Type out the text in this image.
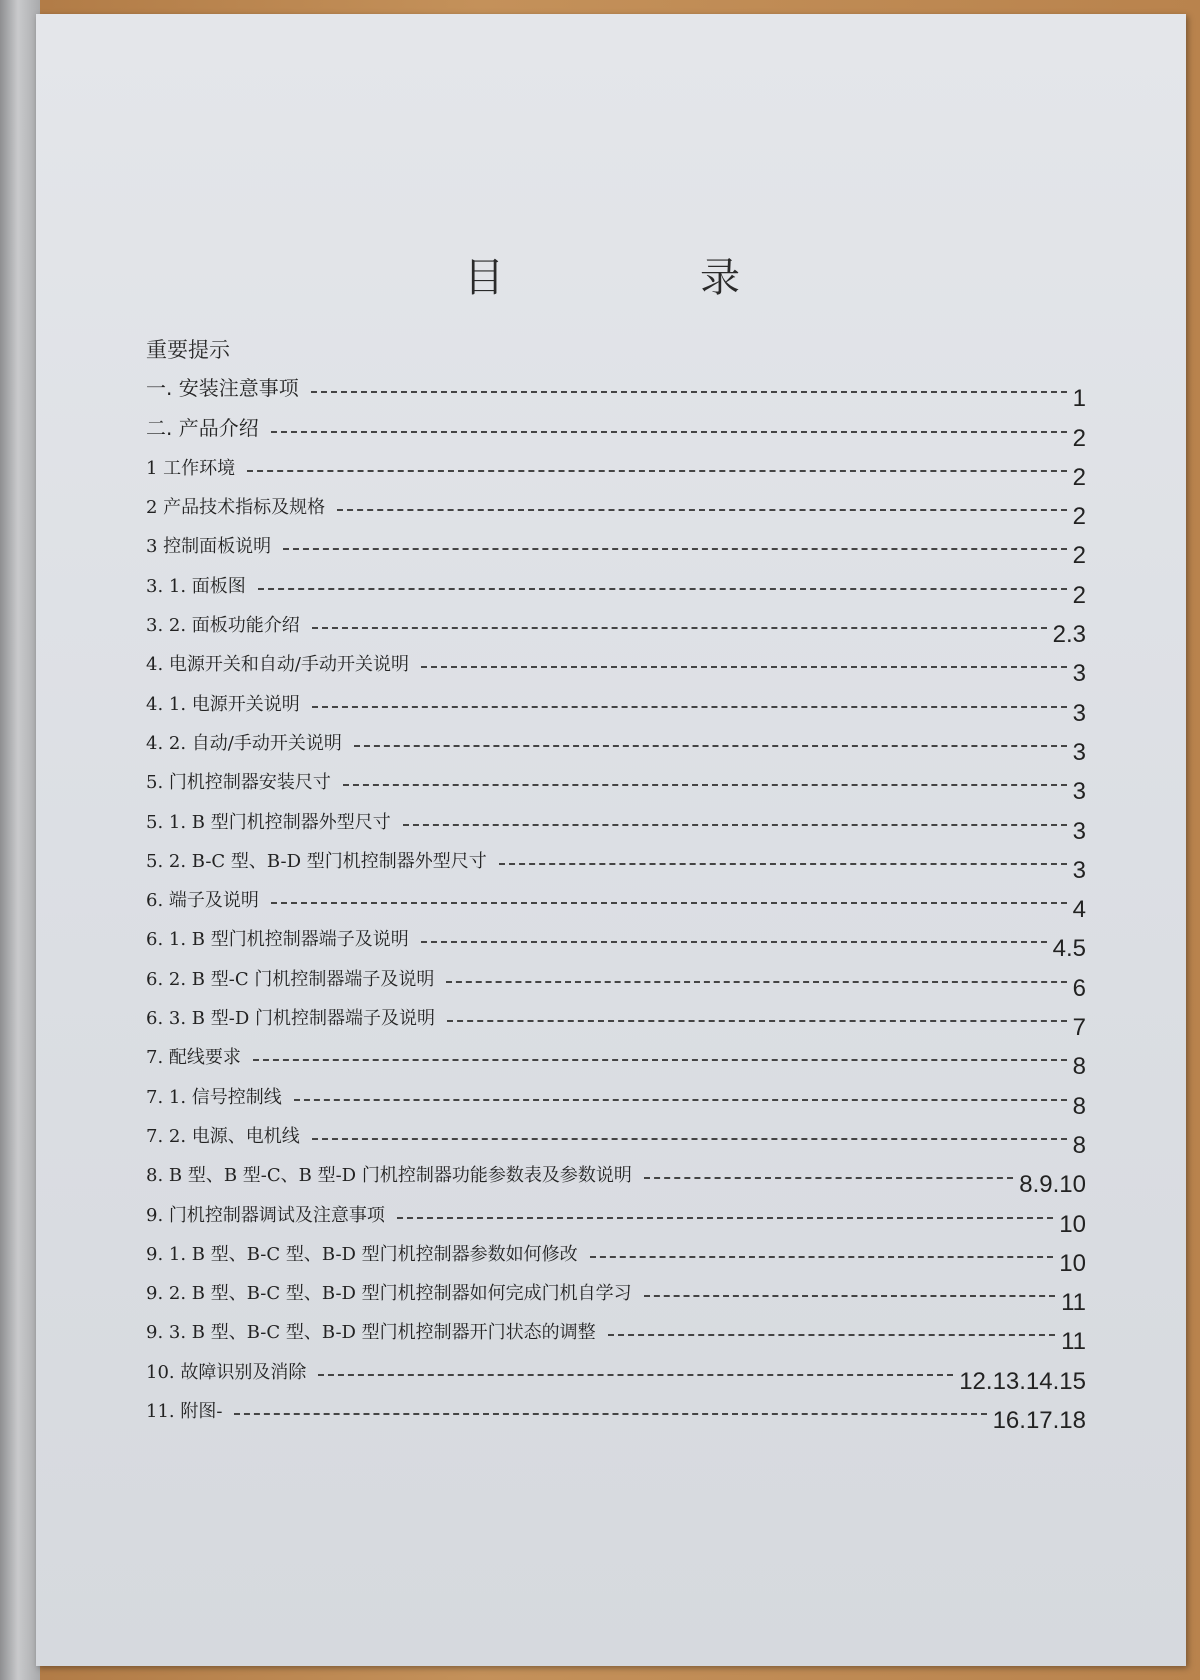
目	录
重要提示
一. 安装注意事项	1
二. 产品介绍	2
1 工作环境	2
2 产品技术指标及规格	2
3 控制面板说明	2
3. 1. 面板图	2
3. 2. 面板功能介绍	2.3
4. 电源开关和自动/手动开关说明	3
4. 1. 电源开关说明	3
4. 2. 自动/手动开关说明	3
5. 门机控制器安装尺寸	3
5. 1. B 型门机控制器外型尺寸	3
5. 2. B-C 型、B-D 型门机控制器外型尺寸	3
6. 端子及说明	4
6. 1. B 型门机控制器端子及说明	4.5
6. 2. B 型-C 门机控制器端子及说明	6
6. 3. B 型-D 门机控制器端子及说明	7
7. 配线要求	8
7. 1. 信号控制线	8
7. 2. 电源、电机线	8
8. B 型、B 型-C、B 型-D 门机控制器功能参数表及参数说明	8.9.10
9. 门机控制器调试及注意事项	10
9. 1. B 型、B-C 型、B-D 型门机控制器参数如何修改	10
9. 2. B 型、B-C 型、B-D 型门机控制器如何完成门机自学习	11
9. 3. B 型、B-C 型、B-D 型门机控制器开门状态的调整	11
10. 故障识别及消除	12.13.14.15
11. 附图-	16.17.18
